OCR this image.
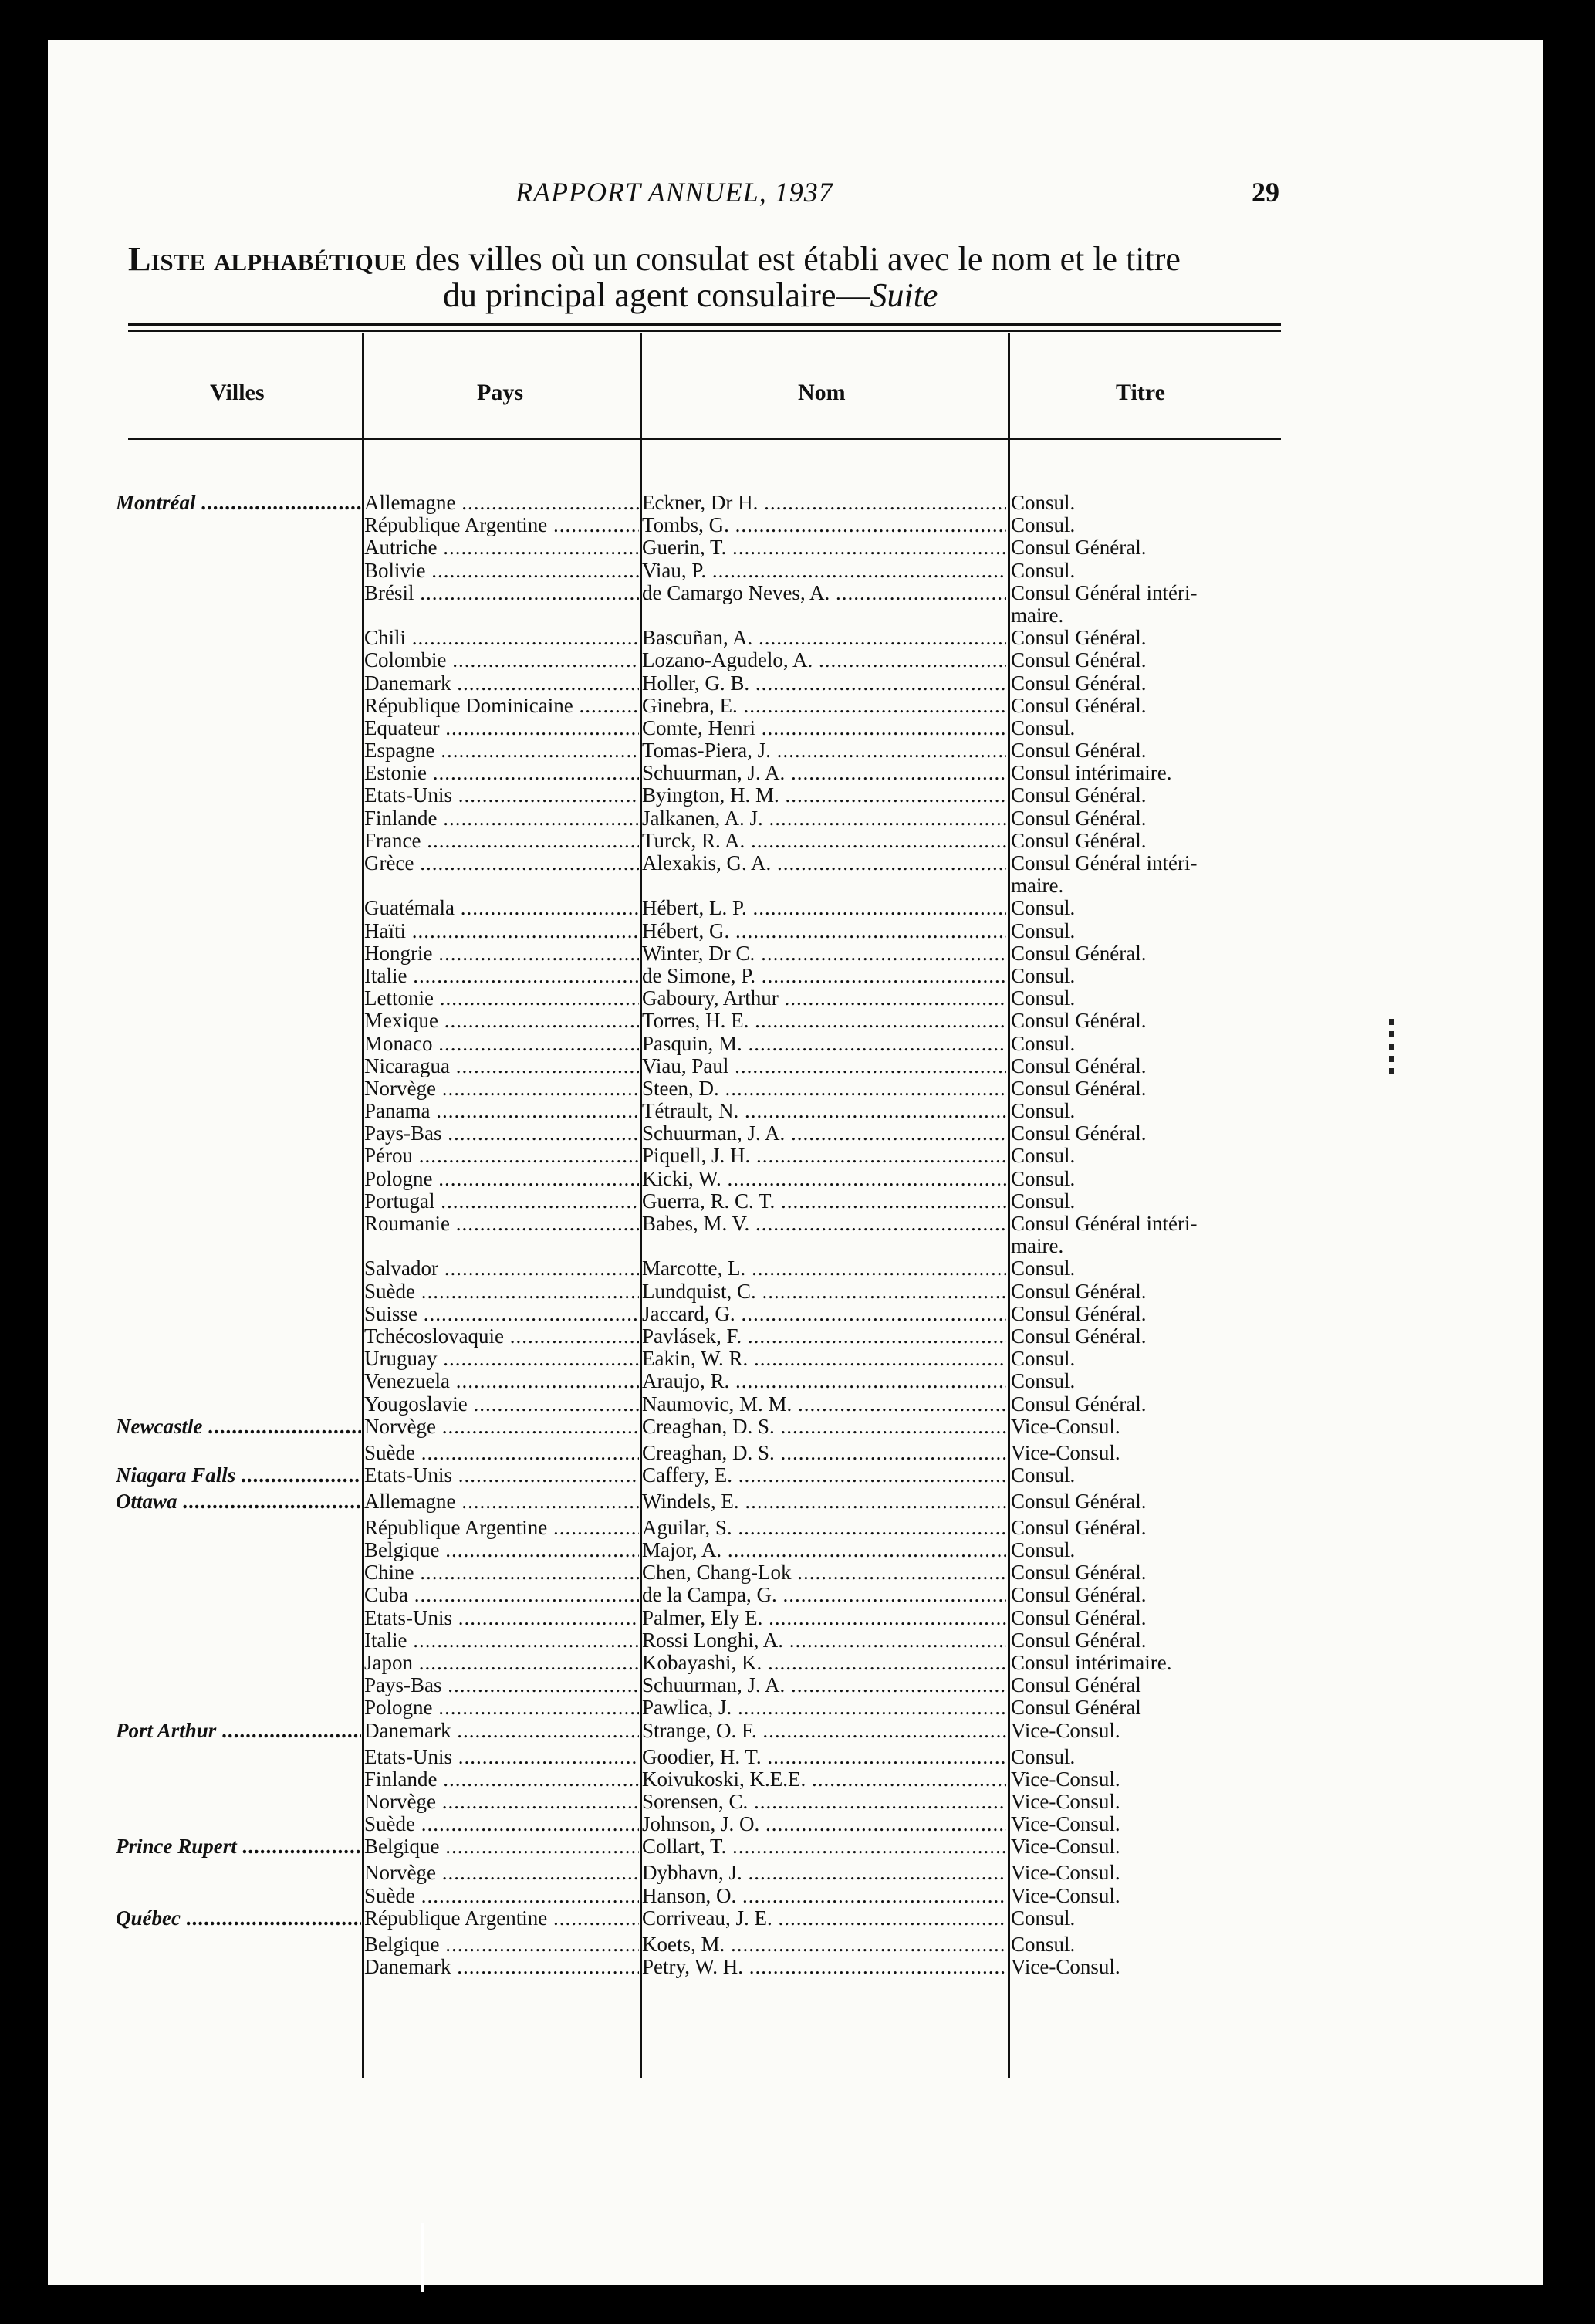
RAPPORT ANNUEL, 1937	29
Liste alphabétique des villes où un consulat est établi avec le nom et le titre
du principal agent consulaire—Suite
Villes	Pays	Nom	Titre
Montréal .....	Allemagne .....	Eckner, Dr H. .....	Consul.
République Argentine .....	Tombs, G. .....	Consul.
Autriche .....	Guerin, T. .....	Consul Général.
Bolivie .....	Viau, P. .....	Consul.
Brésil .....	de Camargo Neves, A. .....	Consul Général intéri-
maire.
Chili .....	Bascuñan, A. .....	Consul Général.
Colombie .....	Lozano-Agudelo, A. .....	Consul Général.
Danemark .....	Holler, G. B. .....	Consul Général.
République Dominicaine .....	Ginebra, E. .....	Consul Général.
Equateur .....	Comte, Henri .....	Consul.
Espagne .....	Tomas-Piera, J. .....	Consul Général.
Estonie .....	Schuurman, J. A. .....	Consul intérimaire.
Etats-Unis .....	Byington, H. M. .....	Consul Général.
Finlande .....	Jalkanen, A. J. .....	Consul Général.
France .....	Turck, R. A. .....	Consul Général.
Grèce .....	Alexakis, G. A. .....	Consul Général intéri-
maire.
Guatémala .....	Hébert, L. P. .....	Consul.
Haïti .....	Hébert, G. .....	Consul.
Hongrie .....	Winter, Dr C. .....	Consul Général.
Italie .....	de Simone, P. .....	Consul.
Lettonie .....	Gaboury, Arthur .....	Consul.
Mexique .....	Torres, H. E. .....	Consul Général.
Monaco .....	Pasquin, M. .....	Consul.
Nicaragua .....	Viau, Paul .....	Consul Général.
Norvège .....	Steen, D. .....	Consul Général.
Panama .....	Tétrault, N. .....	Consul.
Pays-Bas .....	Schuurman, J. A. .....	Consul Général.
Pérou .....	Piquell, J. H. .....	Consul.
Pologne .....	Kicki, W. .....	Consul.
Portugal .....	Guerra, R. C. T. .....	Consul.
Roumanie .....	Babes, M. V. .....	Consul Général intéri-
maire.
Salvador .....	Marcotte, L. .....	Consul.
Suède .....	Lundquist, C. .....	Consul Général.
Suisse .....	Jaccard, G. .....	Consul Général.
Tchécoslovaquie .....	Pavlásek, F. .....	Consul Général.
Uruguay .....	Eakin, W. R. .....	Consul.
Venezuela .....	Araujo, R. .....	Consul.
Yougoslavie .....	Naumovic, M. M. .....	Consul Général.
Newcastle .....	Norvège .....	Creaghan, D. S. .....	Vice-Consul.
Suède .....	Creaghan, D. S. .....	Vice-Consul.
Niagara Falls .....	Etats-Unis .....	Caffery, E. .....	Consul.
Ottawa .....	Allemagne .....	Windels, E. .....	Consul Général.
République Argentine .....	Aguilar, S. .....	Consul Général.
Belgique .....	Major, A. .....	Consul.
Chine .....	Chen, Chang-Lok .....	Consul Général.
Cuba .....	de la Campa, G. .....	Consul Général.
Etats-Unis .....	Palmer, Ely E. .....	Consul Général.
Italie .....	Rossi Longhi, A. .....	Consul Général.
Japon .....	Kobayashi, K. .....	Consul intérimaire.
Pays-Bas .....	Schuurman, J. A. .....	Consul Général
Pologne .....	Pawlica, J. .....	Consul Général
Port Arthur .....	Danemark .....	Strange, O. F. .....	Vice-Consul.
Etats-Unis .....	Goodier, H. T. .....	Consul.
Finlande .....	Koivukoski, K.E.E. .....	Vice-Consul.
Norvège .....	Sorensen, C. .....	Vice-Consul.
Suède .....	Johnson, J. O. .....	Vice-Consul.
Prince Rupert .....	Belgique .....	Collart, T. .....	Vice-Consul.
Norvège .....	Dybhavn, J. .....	Vice-Consul.
Suède .....	Hanson, O. .....	Vice-Consul.
Québec .....	République Argentine .....	Corriveau, J. E. .....	Consul.
Belgique .....	Koets, M. .....	Consul.
Danemark .....	Petry, W. H. .....	Vice-Consul.
